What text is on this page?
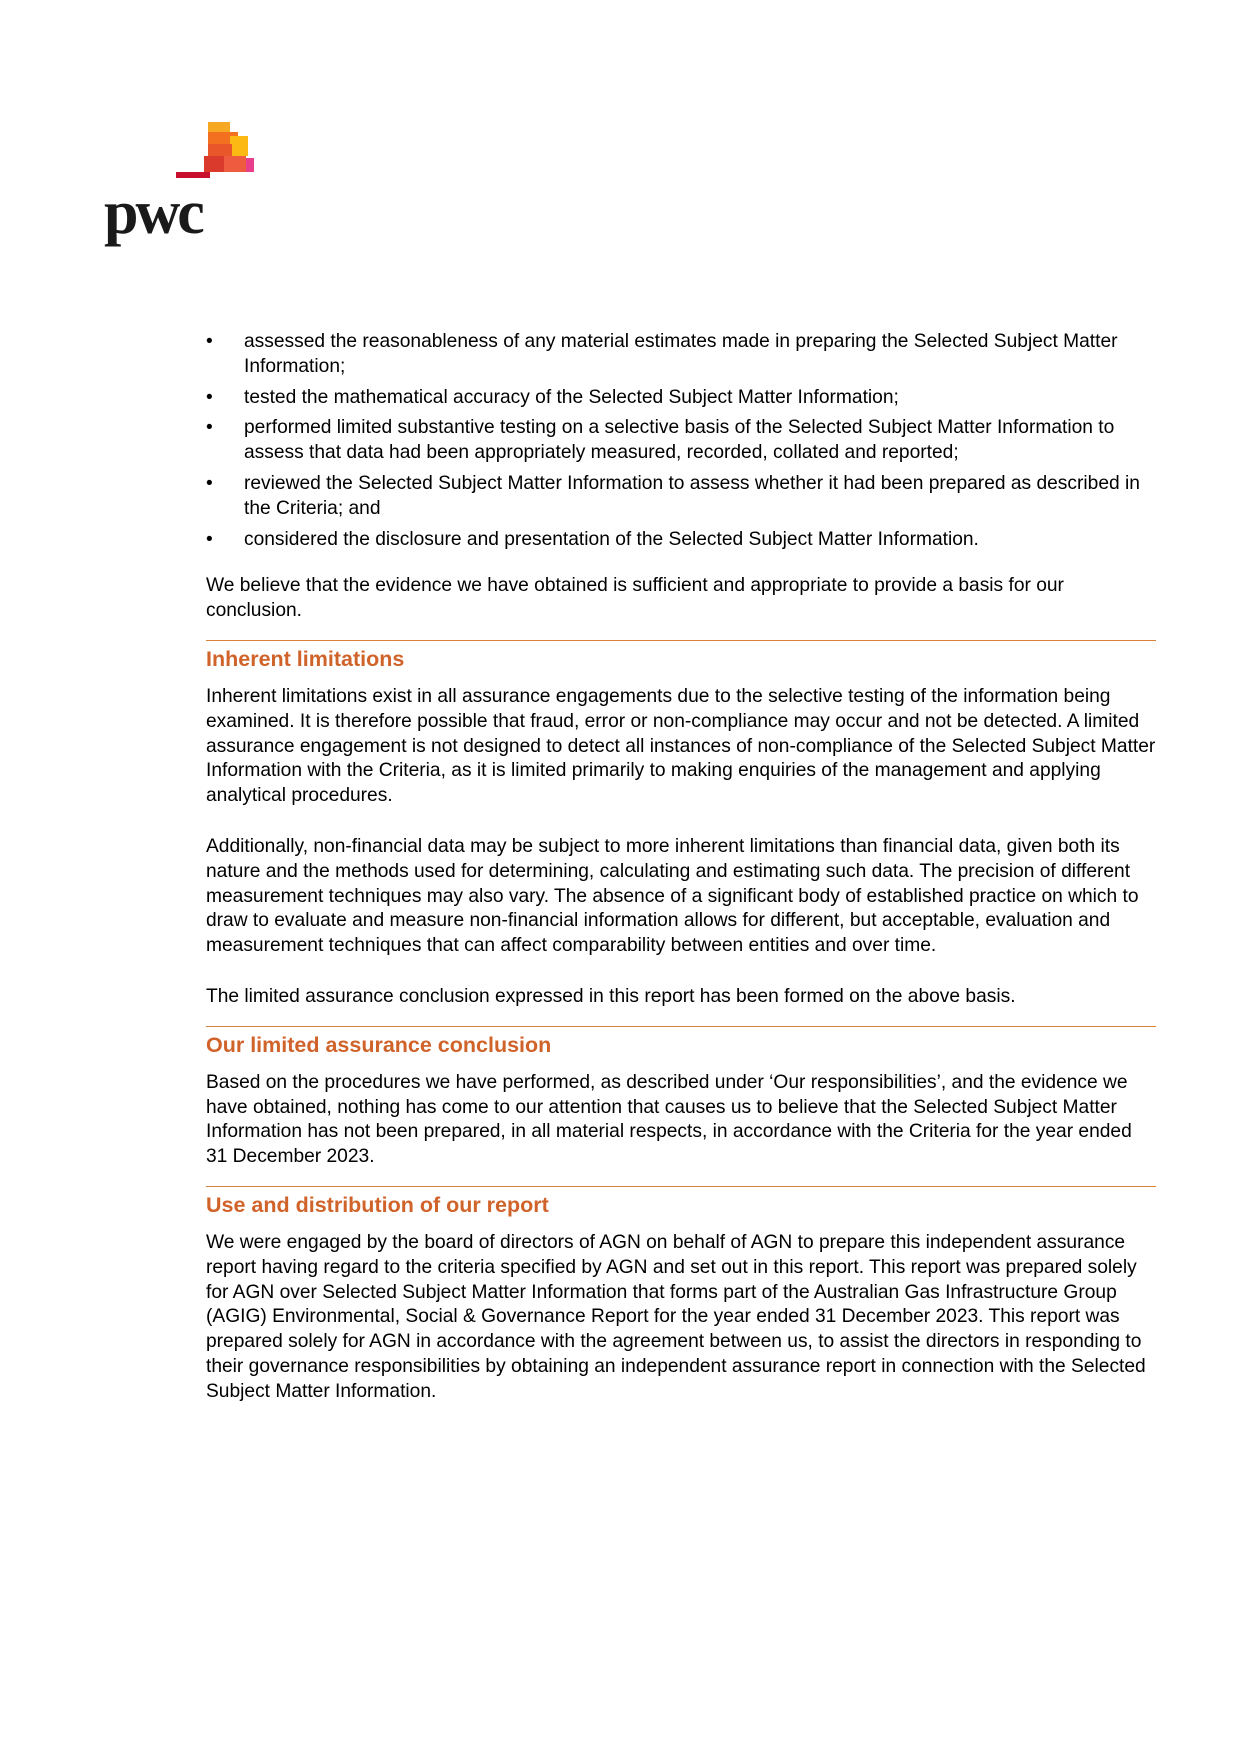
pwc
• assessed the reasonableness of any material estimates made in preparing the Selected Subject Matter Information;
• tested the mathematical accuracy of the Selected Subject Matter Information;
• performed limited substantive testing on a selective basis of the Selected Subject Matter Information to assess that data had been appropriately measured, recorded, collated and reported;
• reviewed the Selected Subject Matter Information to assess whether it had been prepared as described in the Criteria; and
• considered the disclosure and presentation of the Selected Subject Matter Information.

We believe that the evidence we have obtained is sufficient and appropriate to provide a basis for our conclusion.

Inherent limitations

Inherent limitations exist in all assurance engagements due to the selective testing of the information being examined. It is therefore possible that fraud, error or non-compliance may occur and not be detected. A limited assurance engagement is not designed to detect all instances of non-compliance of the Selected Subject Matter Information with the Criteria, as it is limited primarily to making enquiries of the management and applying analytical procedures.

Additionally, non-financial data may be subject to more inherent limitations than financial data, given both its nature and the methods used for determining, calculating and estimating such data. The precision of different measurement techniques may also vary. The absence of a significant body of established practice on which to draw to evaluate and measure non-financial information allows for different, but acceptable, evaluation and measurement techniques that can affect comparability between entities and over time.

The limited assurance conclusion expressed in this report has been formed on the above basis.

Our limited assurance conclusion

Based on the procedures we have performed, as described under ‘Our responsibilities’, and the evidence we have obtained, nothing has come to our attention that causes us to believe that the Selected Subject Matter Information has not been prepared, in all material respects, in accordance with the Criteria for the year ended 31 December 2023.

Use and distribution of our report

We were engaged by the board of directors of AGN on behalf of AGN to prepare this independent assurance report having regard to the criteria specified by AGN and set out in this report. This report was prepared solely for AGN over Selected Subject Matter Information that forms part of the Australian Gas Infrastructure Group (AGIG) Environmental, Social & Governance Report for the year ended 31 December 2023. This report was prepared solely for AGN in accordance with the agreement between us, to assist the directors in responding to their governance responsibilities by obtaining an independent assurance report in connection with the Selected Subject Matter Information.
